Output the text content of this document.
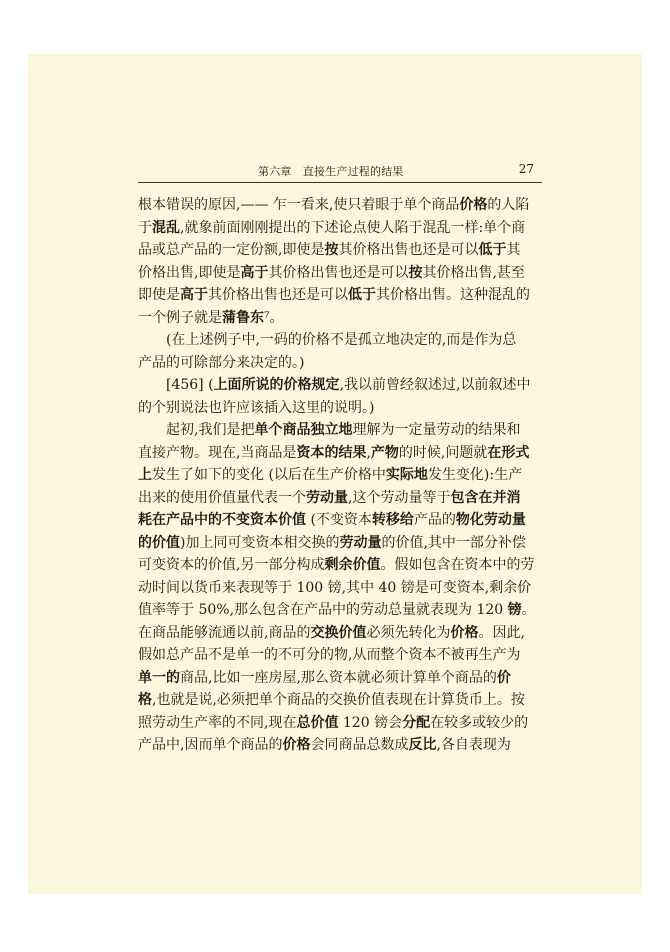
第六章　直接生产过程的结果	27
根本错误的原因,—— 乍一看来,使只着眼于单个商品价格的人陷
于混乱,就象前面刚刚提出的下述论点使人陷于混乱一样:单个商
品或总产品的一定份额,即使是按其价格出售也还是可以低于其
价格出售,即使是高于其价格出售也还是可以按其价格出售,甚至
即使是高于其价格出售也还是可以低于其价格出售。这种混乱的
一个例子就是蒲鲁东⁷。
(在上述例子中,一码的价格不是孤立地决定的,而是作为总
产品的可除部分来决定的。)
[456] (上面所说的价格规定,我以前曾经叙述过,以前叙述中
的个别说法也许应该插入这里的说明。)
起初,我们是把单个商品独立地理解为一定量劳动的结果和
直接产物。现在,当商品是资本的结果,产物的时候,问题就在形式
上发生了如下的变化 (以后在生产价格中实际地发生变化):生产
出来的使用价值量代表一个劳动量,这个劳动量等于包含在并消
耗在产品中的不变资本价值 (不变资本转移给产品的物化劳动量
的价值)加上同可变资本相交换的劳动量的价值,其中一部分补偿
可变资本的价值,另一部分构成剩余价值。假如包含在资本中的劳
动时间以货币来表现等于 100 镑,其中 40 镑是可变资本,剩余价
值率等于 50%,那么包含在产品中的劳动总量就表现为 120 镑。
在商品能够流通以前,商品的交换价值必须先转化为价格。因此,
假如总产品不是单一的不可分的物,从而整个资本不被再生产为
单一的商品,比如一座房屋,那么资本就必须计算单个商品的价
格,也就是说,必须把单个商品的交换价值表现在计算货币上。按
照劳动生产率的不同,现在总价值 120 镑会分配在较多或较少的
产品中,因而单个商品的价格会同商品总数成反比,各自表现为
